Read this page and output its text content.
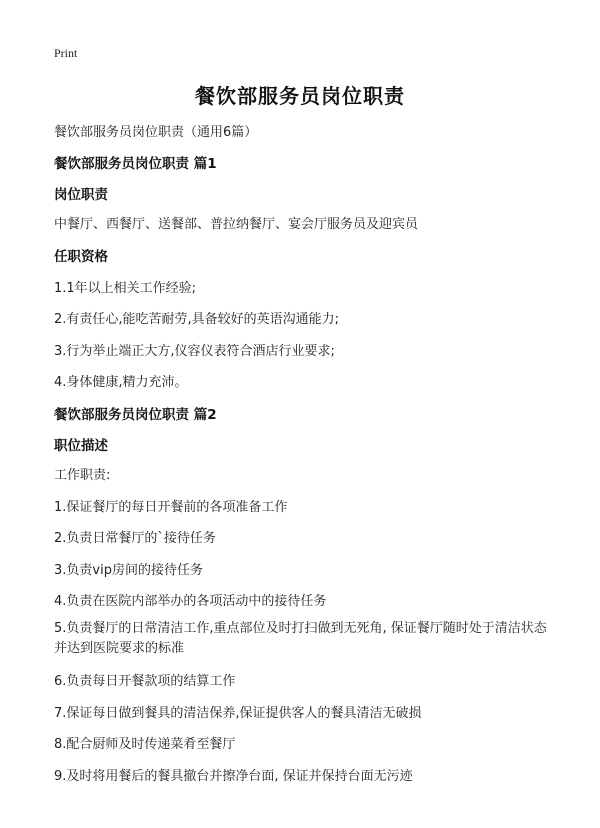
Print
餐饮部服务员岗位职责
餐饮部服务员岗位职责（通用6篇）
餐饮部服务员岗位职责 篇1
岗位职责
中餐厅、西餐厅、送餐部、普拉纳餐厅、宴会厅服务员及迎宾员
任职资格
1.1年以上相关工作经验;
2.有责任心,能吃苦耐劳,具备较好的英语沟通能力;
3.行为举止端正大方,仪容仪表符合酒店行业要求;
4.身体健康,精力充沛。
餐饮部服务员岗位职责 篇2
职位描述
工作职责:
1.保证餐厅的每日开餐前的各项准备工作
2.负责日常餐厅的`接待任务
3.负责vip房间的接待任务
4.负责在医院内部举办的各项活动中的接待任务
5.负责餐厅的日常清洁工作,重点部位及时打扫做到无死角, 保证餐厅随时处于清洁状态并达到医院要求的标准
6.负责每日开餐款项的结算工作
7.保证每日做到餐具的清洁保养,保证提供客人的餐具清洁无破损
8.配合厨师及时传递菜肴至餐厅
9.及时将用餐后的餐具撤台并擦净台面, 保证并保持台面无污迹
